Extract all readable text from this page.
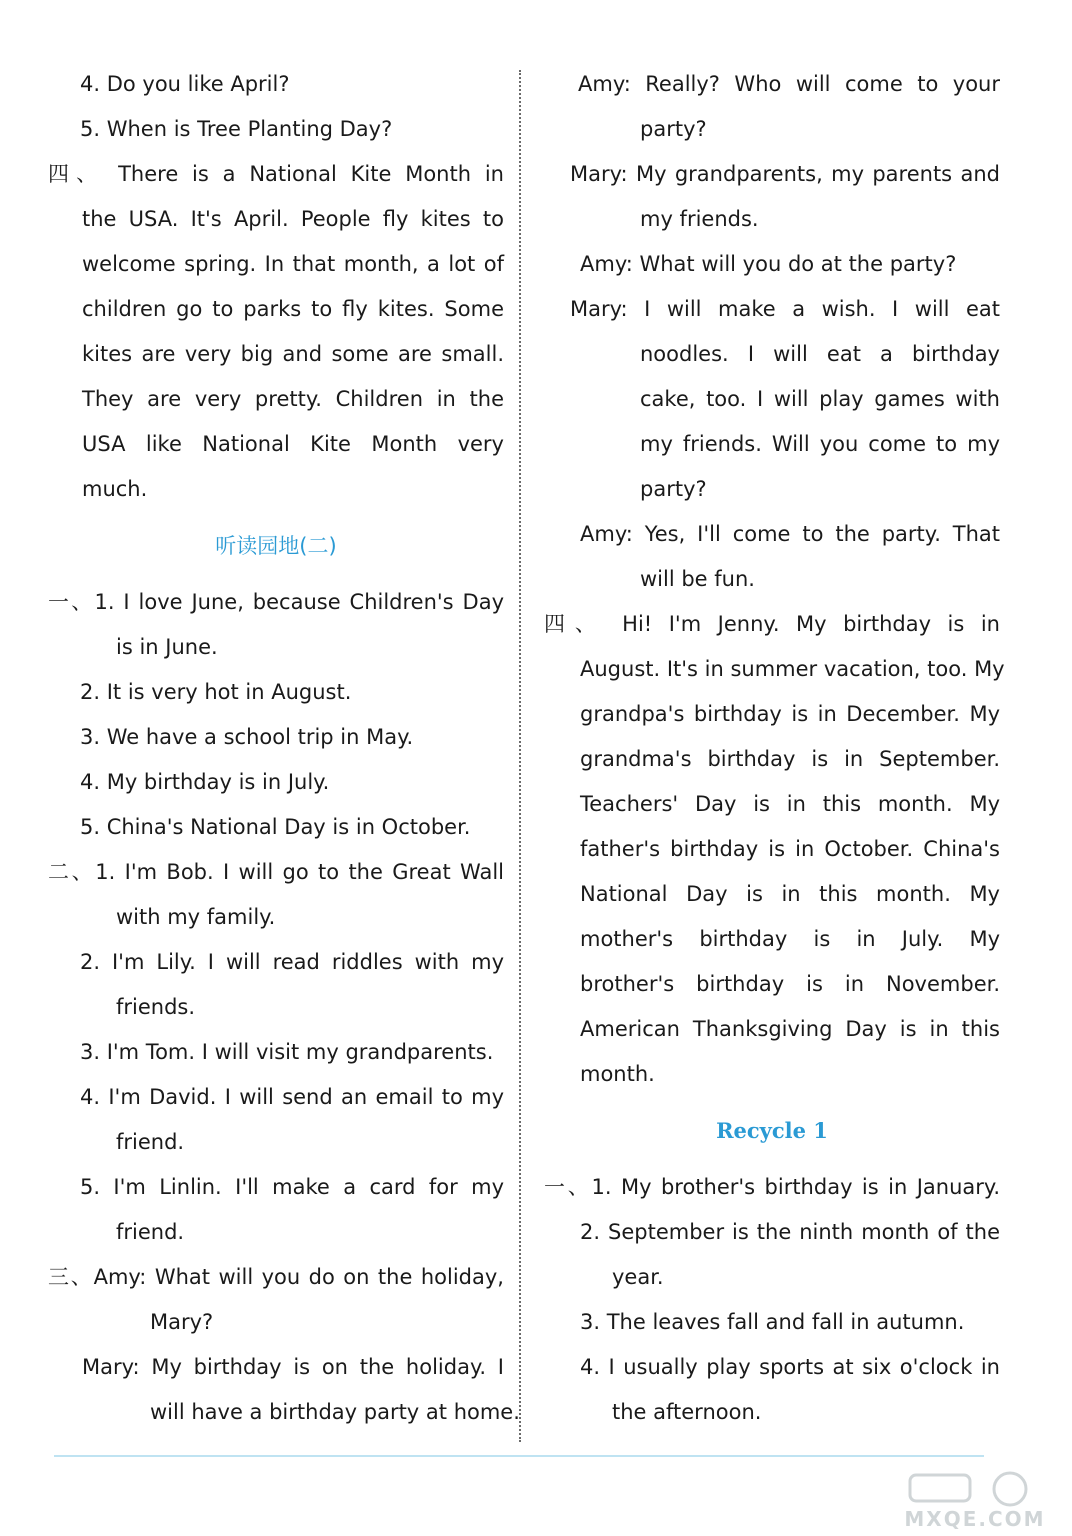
4. Do you like April?
5. When is Tree Planting Day?
四、 There is a National Kite Month in
the USA. It's April. People fly kites to
welcome spring. In that month, a lot of
children go to parks to fly kites. Some
kites are very big and some are small.
They are very pretty. Children in the
USA like National Kite Month very
much.
听读园地(二)
一、1. I love June, because Children's Day
is in June.
2. It is very hot in August.
3. We have a school trip in May.
4. My birthday is in July.
5. China's National Day is in October.
二、1. I'm Bob. I will go to the Great Wall
with my family.
2. I'm Lily. I will read riddles with my
friends.
3. I'm Tom. I will visit my grandparents.
4. I'm David. I will send an email to my
friend.
5. I'm Linlin. I'll make a card for my
friend.
三、Amy: What will you do on the holiday,
Mary?
Mary: My birthday is on the holiday. I
will have a birthday party at home.
Amy: Really? Who will come to your
party?
Mary: My grandparents, my parents and
my friends.
Amy: What will you do at the party?
Mary: I will make a wish. I will eat
noodles. I will eat a birthday
cake, too. I will play games with
my friends. Will you come to my
party?
Amy: Yes, I'll come to the party. That
will be fun.
四、 Hi! I'm Jenny. My birthday is in
August. It's in summer vacation, too. My
grandpa's birthday is in December. My
grandma's birthday is in September.
Teachers' Day is in this month. My
father's birthday is in October. China's
National Day is in this month. My
mother's birthday is in July. My
brother's birthday is in November.
American Thanksgiving Day is in this
month.
Recycle 1
一、1. My brother's birthday is in January.
2. September is the ninth month of the
year.
3. The leaves fall and fall in autumn.
4. I usually play sports at six o'clock in
the afternoon.
MXQE.COM
